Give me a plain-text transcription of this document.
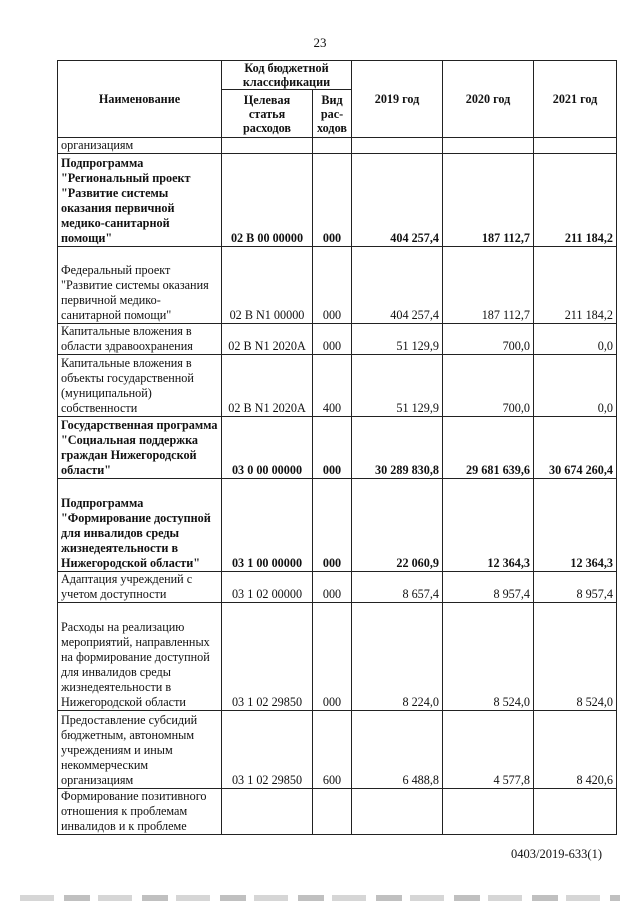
23
Наименование	Код бюджетной классификации		2019 год	2020 год	2021 год
	Целевая статья расходов	Вид рас-ходов			
организациям					
Подпрограмма "Региональный проект "Развитие системы оказания первичной медико-санитарной помощи"	02 В 00 00000	000	404 257,4	187 112,7	211 184,2
Федеральный проект "Развитие системы оказания первичной медико-санитарной помощи"	02 В N1 00000	000	404 257,4	187 112,7	211 184,2
Капитальные вложения в области здравоохранения	02 В N1 2020А	000	51 129,9	700,0	0,0
Капитальные вложения в объекты государственной (муниципальной) собственности	02 В N1 2020А	400	51 129,9	700,0	0,0
Государственная программа "Социальная поддержка граждан Нижегородской области"	03 0 00 00000	000	30 289 830,8	29 681 639,6	30 674 260,4
Подпрограмма "Формирование доступной для инвалидов среды жизнедеятельности в Нижегородской области"	03 1 00 00000	000	22 060,9	12 364,3	12 364,3
Адаптация учреждений с учетом доступности	03 1 02 00000	000	8 657,4	8 957,4	8 957,4
Расходы на реализацию мероприятий, направленных на формирование доступной для инвалидов среды жизнедеятельности в Нижегородской области	03 1 02 29850	000	8 224,0	8 524,0	8 524,0
Предоставление субсидий бюджетным, автономным учреждениям и иным некоммерческим организациям	03 1 02 29850	600	6 488,8	4 577,8	8 420,6
Формирование позитивного отношения к проблемам инвалидов и к проблеме					
0403/2019-633(1)
